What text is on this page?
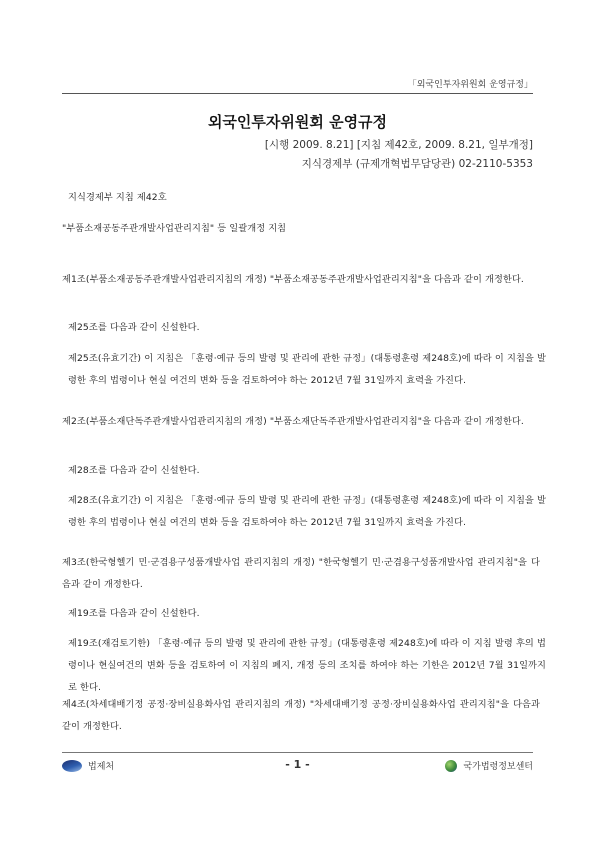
「외국인투자위원회 운영규정」
외국인투자위원회 운영규정
[시행 2009. 8.21] [지침 제42호, 2009. 8.21, 일부개정]
지식경제부 (규제개혁법무담당관) 02-2110-5353
지식경제부 지침 제42호
"부품소재공동주관개발사업관리지침" 등 일괄개정 지침
제1조(부품소재공동주관개발사업관리지침의 개정) "부품소재공동주관개발사업관리지침"을 다음과 같이 개정한다.
제25조를 다음과 같이 신설한다.
제25조(유효기간) 이 지침은 「훈령·예규 등의 발령 및 관리에 관한 규정」(대통령훈령 제248호)에 따라 이 지침을 발령한 후의 법령이나 현실 여건의 변화 등을 검토하여야 하는 2012년 7월 31일까지 효력을 가진다.
제2조(부품소재단독주관개발사업관리지침의 개정) "부품소재단독주관개발사업관리지침"을 다음과 같이 개정한다.
제28조를 다음과 같이 신설한다.
제28조(유효기간) 이 지침은 「훈령·예규 등의 발령 및 관리에 관한 규정」(대통령훈령 제248호)에 따라 이 지침을 발령한 후의 법령이나 현실 여건의 변화 등을 검토하여야 하는 2012년 7월 31일까지 효력을 가진다.
제3조(한국형헬기 민·군겸용구성품개발사업 관리지침의 개정) "한국형헬기 민·군겸용구성품개발사업 관리지침"을 다음과 같이 개정한다.
제19조를 다음과 같이 신설한다.
제19조(재검토기한) 「훈령·예규 등의 발령 및 관리에 관한 규정」(대통령훈령 제248호)에 따라 이 지침 발령 후의 법령이나 현실여건의 변화 등을 검토하여 이 지침의 폐지, 개정 등의 조치를 하여야 하는 기한은 2012년 7월 31일까지로 한다.
제4조(차세대배기정 공정·장비실용화사업 관리지침의 개정) "차세대배기정 공정·장비실용화사업 관리지침"을 다음과 같이 개정한다.
법제처	- 1 -	국가법령정보센터
